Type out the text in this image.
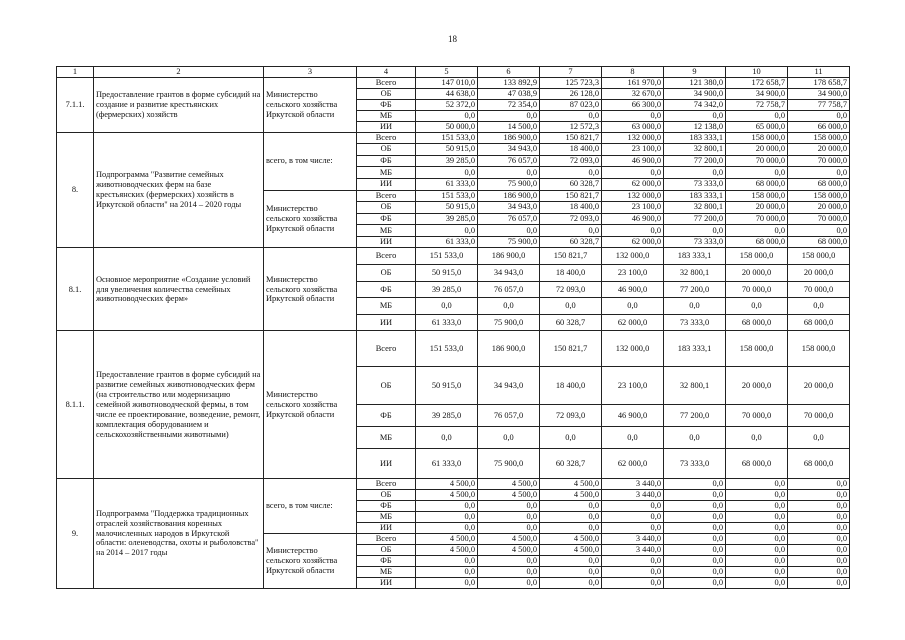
18
1	2	3	4	5	6	7	8	9	10	11
7.1.1.	Предоставление грантов в форме субсидий на создание и развитие крестьянских (фермерских) хозяйств	Министерство сельского хозяйства Иркутской области	Всего	147 010,0	133 892,9	125 723,3	161 970,0	121 380,0	172 658,7	178 658,7
			ОБ	44 638,0	47 038,9	26 128,0	32 670,0	34 900,0	34 900,0	34 900,0
			ФБ	52 372,0	72 354,0	87 023,0	66 300,0	74 342,0	72 758,7	77 758,7
			МБ	0,0	0,0	0,0	0,0	0,0	0,0	0,0
			ИИ	50 000,0	14 500,0	12 572,3	63 000,0	12 138,0	65 000,0	66 000,0
8.	Подпрограмма "Развитие семейных животноводческих ферм на базе крестьянских (фермерских) хозяйств в Иркутской области" на 2014 – 2020 годы	всего, в том числе:	Всего	151 533,0	186 900,0	150 821,7	132 000,0	183 333,1	158 000,0	158 000,0
			ОБ	50 915,0	34 943,0	18 400,0	23 100,0	32 800,1	20 000,0	20 000,0
			ФБ	39 285,0	76 057,0	72 093,0	46 900,0	77 200,0	70 000,0	70 000,0
			МБ	0,0	0,0	0,0	0,0	0,0	0,0	0,0
			ИИ	61 333,0	75 900,0	60 328,7	62 000,0	73 333,0	68 000,0	68 000,0
		Министерство сельского хозяйства Иркутской области	Всего	151 533,0	186 900,0	150 821,7	132 000,0	183 333,1	158 000,0	158 000,0
			ОБ	50 915,0	34 943,0	18 400,0	23 100,0	32 800,1	20 000,0	20 000,0
			ФБ	39 285,0	76 057,0	72 093,0	46 900,0	77 200,0	70 000,0	70 000,0
			МБ	0,0	0,0	0,0	0,0	0,0	0,0	0,0
			ИИ	61 333,0	75 900,0	60 328,7	62 000,0	73 333,0	68 000,0	68 000,0
8.1.	Основное мероприятие «Создание условий для увеличения количества семейных животноводческих ферм»	Министерство сельского хозяйства Иркутской области	Всего	151 533,0	186 900,0	150 821,7	132 000,0	183 333,1	158 000,0	158 000,0
			ОБ	50 915,0	34 943,0	18 400,0	23 100,0	32 800,1	20 000,0	20 000,0
			ФБ	39 285,0	76 057,0	72 093,0	46 900,0	77 200,0	70 000,0	70 000,0
			МБ	0,0	0,0	0,0	0,0	0,0	0,0	0,0
			ИИ	61 333,0	75 900,0	60 328,7	62 000,0	73 333,0	68 000,0	68 000,0
8.1.1.	Предоставление грантов в форме субсидий на развитие семейных животноводческих ферм (на строительство или модернизацию семейной животноводческой фермы, в том числе ее проектирование, возведение, ремонт, комплектация оборудованием и сельскохозяйственными животными)	Министерство сельского хозяйства Иркутской области	Всего	151 533,0	186 900,0	150 821,7	132 000,0	183 333,1	158 000,0	158 000,0
			ОБ	50 915,0	34 943,0	18 400,0	23 100,0	32 800,1	20 000,0	20 000,0
			ФБ	39 285,0	76 057,0	72 093,0	46 900,0	77 200,0	70 000,0	70 000,0
			МБ	0,0	0,0	0,0	0,0	0,0	0,0	0,0
			ИИ	61 333,0	75 900,0	60 328,7	62 000,0	73 333,0	68 000,0	68 000,0
9.	Подпрограмма "Поддержка традиционных отраслей хозяйствования коренных малочисленных народов в Иркутской области: оленеводства, охоты и рыболовства" на 2014 – 2017 годы	всего, в том числе:	Всего	4 500,0	4 500,0	4 500,0	3 440,0	0,0	0,0	0,0
			ОБ	4 500,0	4 500,0	4 500,0	3 440,0	0,0	0,0	0,0
			ФБ	0,0	0,0	0,0	0,0	0,0	0,0	0,0
			МБ	0,0	0,0	0,0	0,0	0,0	0,0	0,0
			ИИ	0,0	0,0	0,0	0,0	0,0	0,0	0,0
		Министерство сельского хозяйства Иркутской области	Всего	4 500,0	4 500,0	4 500,0	3 440,0	0,0	0,0	0,0
			ОБ	4 500,0	4 500,0	4 500,0	3 440,0	0,0	0,0	0,0
			ФБ	0,0	0,0	0,0	0,0	0,0	0,0	0,0
			МБ	0,0	0,0	0,0	0,0	0,0	0,0	0,0
			ИИ	0,0	0,0	0,0	0,0	0,0	0,0	0,0
